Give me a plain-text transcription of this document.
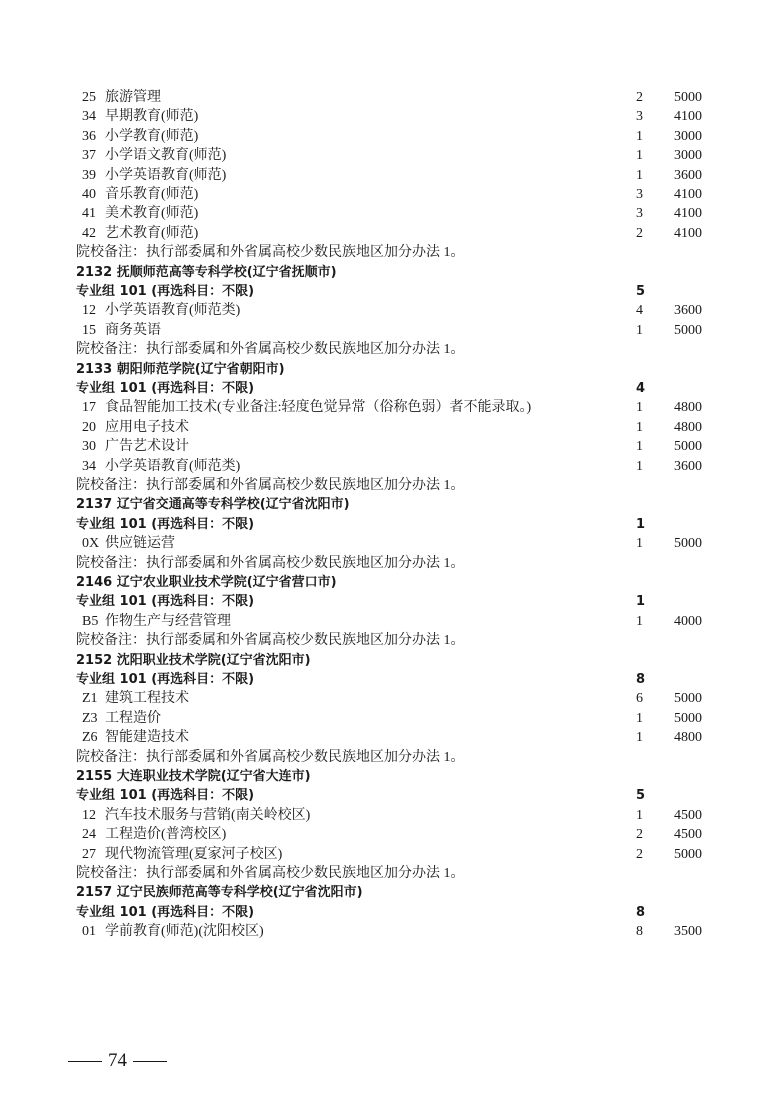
25 旅游管理	2 5000
34 早期教育(师范)	3 4100
36 小学教育(师范)	1 3000
37 小学语文教育(师范)	1 3000
39 小学英语教育(师范)	1 3600
40 音乐教育(师范)	3 4100
41 美术教育(师范)	3 4100
42 艺术教育(师范)	2 4100
院校备注：执行部委属和外省属高校少数民族地区加分办法 1。
2132 抚顺师范高等专科学校(辽宁省抚顺市)
专业组 101 (再选科目：不限)	5
12 小学英语教育(师范类)	4 3600
15 商务英语	1 5000
院校备注：执行部委属和外省属高校少数民族地区加分办法 1。
2133 朝阳师范学院(辽宁省朝阳市)
专业组 101 (再选科目：不限)	4
17 食品智能加工技术(专业备注:轻度色觉异常（俗称色弱）者不能录取。)	1 4800
20 应用电子技术	1 4800
30 广告艺术设计	1 5000
34 小学英语教育(师范类)	1 3600
院校备注：执行部委属和外省属高校少数民族地区加分办法 1。
2137 辽宁省交通高等专科学校(辽宁省沈阳市)
专业组 101 (再选科目：不限)	1
0X 供应链运营	1 5000
院校备注：执行部委属和外省属高校少数民族地区加分办法 1。
2146 辽宁农业职业技术学院(辽宁省营口市)
专业组 101 (再选科目：不限)	1
B5 作物生产与经营管理	1 4000
院校备注：执行部委属和外省属高校少数民族地区加分办法 1。
2152 沈阳职业技术学院(辽宁省沈阳市)
专业组 101 (再选科目：不限)	8
Z1 建筑工程技术	6 5000
Z3 工程造价	1 5000
Z6 智能建造技术	1 4800
院校备注：执行部委属和外省属高校少数民族地区加分办法 1。
2155 大连职业技术学院(辽宁省大连市)
专业组 101 (再选科目：不限)	5
12 汽车技术服务与营销(南关岭校区)	1 4500
24 工程造价(普湾校区)	2 4500
27 现代物流管理(夏家河子校区)	2 5000
院校备注：执行部委属和外省属高校少数民族地区加分办法 1。
2157 辽宁民族师范高等专科学校(辽宁省沈阳市)
专业组 101 (再选科目：不限)	8
01 学前教育(师范)(沈阳校区)	8 3500
74
